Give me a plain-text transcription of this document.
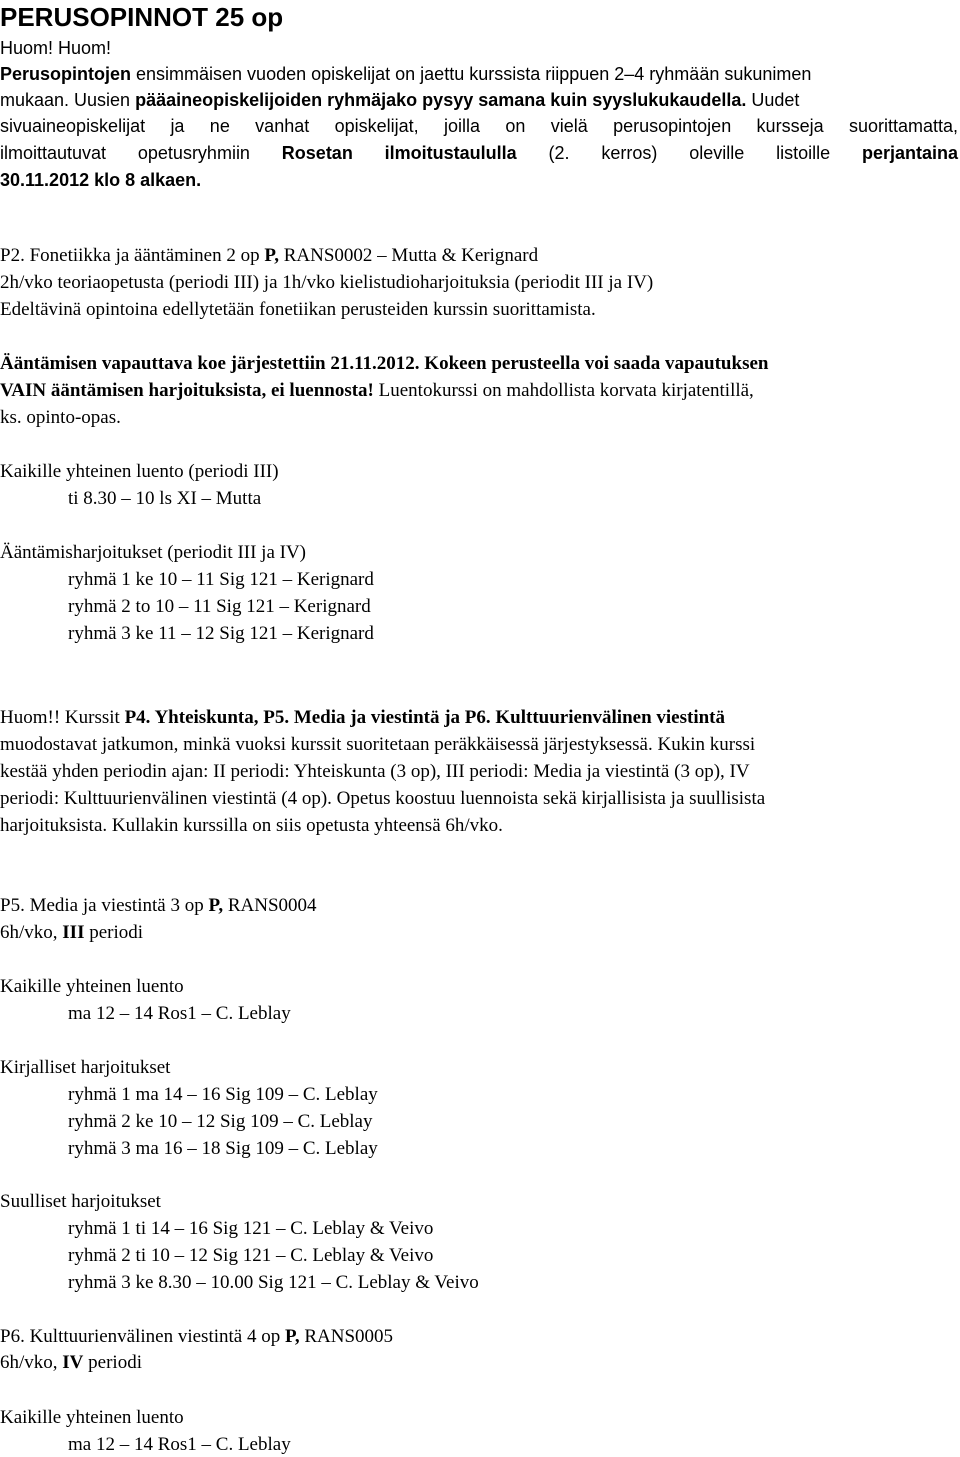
PERUSOPINNOT 25 op
Huom! Huom!
Perusopintojen ensimmäisen vuoden opiskelijat on jaettu kurssista riippuen 2–4 ryhmään sukunimen
mukaan. Uusien pääaineopiskelijoiden ryhmäjako pysyy samana kuin syyslukukaudella. Uudet
sivuaineopiskelijat ja ne vanhat opiskelijat, joilla on vielä perusopintojen kursseja suorittamatta,
ilmoittautuvat opetusryhmiin Rosetan ilmoitustaululla (2. kerros) oleville listoille perjantaina
30.11.2012 klo 8 alkaen.
P2. Fonetiikka ja ääntäminen 2 op P, RANS0002 – Mutta & Kerignard
2h/vko teoriaopetusta (periodi III) ja 1h/vko kielistudioharjoituksia (periodit III ja IV)
Edeltävinä opintoina edellytetään fonetiikan perusteiden kurssin suorittamista.
Ääntämisen vapauttava koe järjestettiin 21.11.2012. Kokeen perusteella voi saada vapautuksen
VAIN ääntämisen harjoituksista, ei luennosta! Luentokurssi on mahdollista korvata kirjatentillä,
ks. opinto-opas.
Kaikille yhteinen luento (periodi III)
ti 8.30 – 10 ls XI – Mutta
Ääntämisharjoitukset (periodit III ja IV)
ryhmä 1 ke 10 – 11 Sig 121 – Kerignard
ryhmä 2 to 10 – 11 Sig 121 – Kerignard
ryhmä 3 ke 11 – 12 Sig 121 – Kerignard
Huom!! Kurssit P4. Yhteiskunta, P5. Media ja viestintä ja P6. Kulttuurienvälinen viestintä
muodostavat jatkumon, minkä vuoksi kurssit suoritetaan peräkkäisessä järjestyksessä. Kukin kurssi
kestää yhden periodin ajan: II periodi: Yhteiskunta (3 op), III periodi: Media ja viestintä (3 op), IV
periodi: Kulttuurienvälinen viestintä (4 op). Opetus koostuu luennoista sekä kirjallisista ja suullisista
harjoituksista. Kullakin kurssilla on siis opetusta yhteensä 6h/vko.
P5. Media ja viestintä 3 op P, RANS0004
6h/vko, III periodi
Kaikille yhteinen luento
ma 12 – 14 Ros1 – C. Leblay
Kirjalliset harjoitukset
ryhmä 1 ma 14 – 16 Sig 109 – C. Leblay
ryhmä 2 ke 10 – 12 Sig 109 – C. Leblay
ryhmä 3 ma 16 – 18 Sig 109 – C. Leblay
Suulliset harjoitukset
ryhmä 1 ti 14 – 16 Sig 121 – C. Leblay & Veivo
ryhmä 2 ti 10 – 12 Sig 121 – C. Leblay & Veivo
ryhmä 3 ke 8.30 – 10.00 Sig 121 – C. Leblay & Veivo
P6. Kulttuurienvälinen viestintä 4 op P, RANS0005
6h/vko, IV periodi
Kaikille yhteinen luento
ma 12 – 14 Ros1 – C. Leblay
